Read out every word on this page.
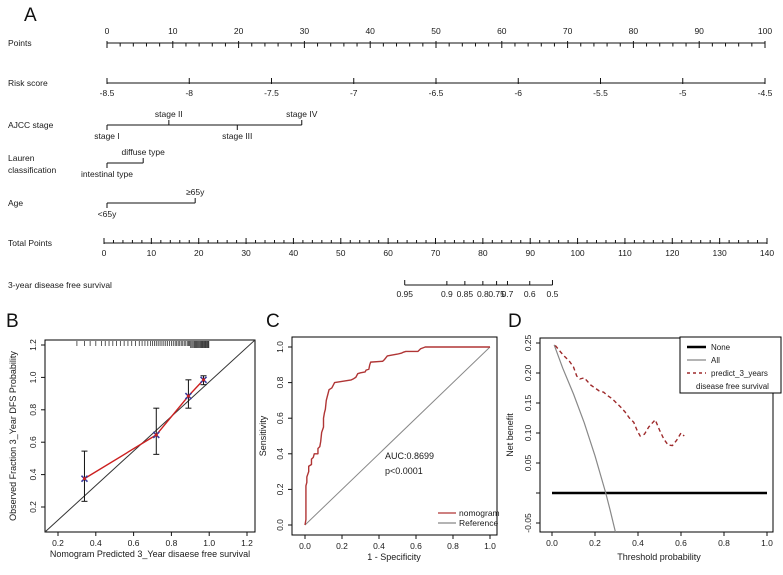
Points
0	10	20	30	40	50	60	70	80	90	100
Risk score
-8.5	-8	-7.5	-7	-6.5	-6	-5.5	-5	-4.5
AJCC stage
stage I
stage II
stage III
stage IV
Lauren
classification	intestinal type
diffuse type
Age
<65y
≥65y
Total Points
0	10	20	30	40	50	60	70	80	90	100	110	120	130	140
3-year disease free survival
0.95	0.9 0.85 0.8 0.75
0.7 0.6 0.5
0.2	0.4	0.6	0.8	1.0	1.2
0.2
0.4
0.6
0.8
1.0
1.2
Nomogram Predicted 3_Year disaese free survival
Observed Fraction 3_Year DFS Probability
0.0	0.2	0.4	0.6	0.8	1.0
0.0
0.2
0.4
0.6
0.8
1.0
AUC:0.8699
p<0.0001
nomogram
Reference
1 - Specificity
Sensitivity
0.0	0.2	0.4	0.6	0.8	1.0
-0.05
0.05
0.10
0.15
0.20
0.25	None
All
predict_3_years
disease free survival
Threshold probability
Net benefit
A
B	C	D
